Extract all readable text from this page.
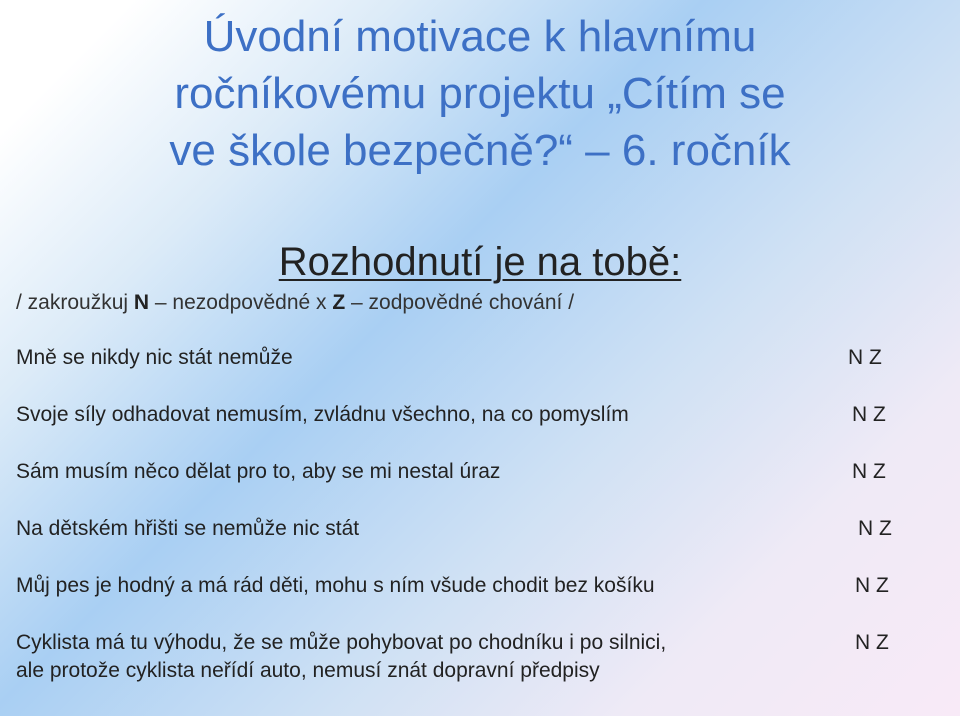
Úvodní motivace k hlavnímu
ročníkovému projektu „Cítím se
ve škole bezpečně?“ – 6. ročník
Rozhodnutí je na tobě:
/ zakroužkuj N – nezodpovědné x Z – zodpovědné chování /
Mně se nikdy nic stát nemůže	N Z
Svoje síly odhadovat nemusím, zvládnu všechno, na co pomyslím	N Z
Sám musím něco dělat pro to, aby se mi nestal úraz	N Z
Na dětském hřišti se nemůže nic stát	N Z
Můj pes je hodný a má rád děti, mohu s ním všude chodit bez košíku	N Z
Cyklista má tu výhodu, že se může pohybovat po chodníku i po silnici,
ale protože cyklista neřídí auto, nemusí znát dopravní předpisy
N Z
